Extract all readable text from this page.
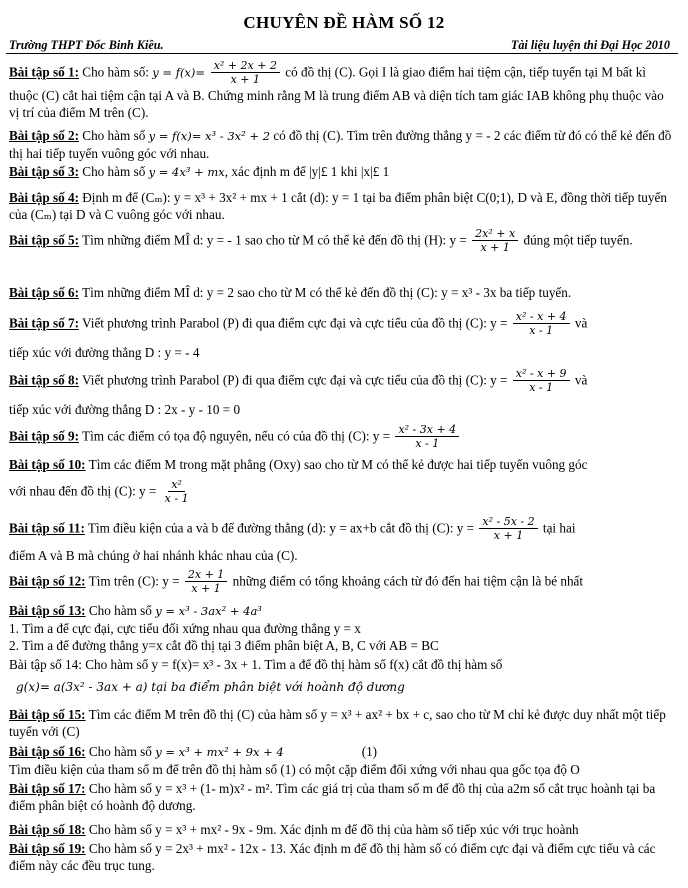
CHUYÊN ĐỀ HÀM SỐ 12
Trường THPT Đốc Binh Kiều.	Tài liệu luyện thi Đại Học 2010

Bài tập số 1: Cho hàm số: $y = f(x)= \frac{\text{x² + 2x + 2}}{x + 1}$ có đồ thị (C). Gọi I là giao điểm hai tiệm cận, tiếp tuyến tại M bất kì thuộc (C) cắt hai tiệm cận tại A và B. Chứng minh rằng M là trung điểm AB và diện tích tam giác IAB không phụ thuộc vào vị trí của điểm M trên (C).

Bài tập số 2: Cho hàm số y = f(x)= x³ - 3x² + 2 có đồ thị (C). Tìm trên đường thẳng y = - 2 các điểm từ đó có thể kẻ đến đồ thị hai tiếp tuyến vuông góc với nhau.

Bài tập số 3: Cho hàm số y = 4x³ + mx, xác định m để |y|£ 1 khi |x|£ 1

Bài tập số 4: Định m để (Cₘ): y = x³ + 3x² + mx + 1 cắt (d): y = 1 tại ba điểm phân biệt C(0;1), D và E, đồng thời tiếp tuyến của (Cₘ) tại D và C vuông góc với nhau.

Bài tập số 5: Tìm những điểm MÎ d: y = - 1 sao cho từ M có thể kẻ đến đồ thị (H): $y = \frac{\text{2x² + x}}{x + 1}$ đúng một tiếp tuyến.

Bài tập số 6: Tìm những điểm MÎ d: y = 2 sao cho từ M có thể kẻ đến đồ thị (C): y = x³ - 3x ba tiếp tuyến.

Bài tập số 7: Viết phương trình Parabol (P) đi qua điểm cực đại và cực tiểu của đồ thị (C): $y = \frac{\text{x² - x + 4}}{x - 1}$ và
tiếp xúc với đường thẳng D : y = - 4

Bài tập số 8: Viết phương trình Parabol (P) đi qua điểm cực đại và cực tiểu của đồ thị (C): $y = \frac{\text{x² - x + 9}}{x - 1}$ và
tiếp xúc với đường thẳng D : 2x - y - 10 = 0

Bài tập số 9: Tìm các điểm có tọa độ nguyên, nếu có của đồ thị (C): $y = \frac{\text{x² - 3x + 4}}{x - 1}$

Bài tập số 10: Tìm các điểm M trong mặt phẳng (Oxy) sao cho từ M có thể kẻ được hai tiếp tuyến vuông góc
với nhau đến đồ thị (C): $y = \frac{\text{x²}}{x - 1}$

Bài tập số 11: Tìm điều kiện của a và b để đường thẳng (d): y = ax+b cắt đồ thị (C): $y = \frac{\text{x² - 5x - 2}}{x + 1}$ tại hai
điểm A và B mà chúng ở hai nhánh khác nhau của (C).

Bài tập số 12: Tìm trên (C): $y = \frac{2x + 1}{x + 1}$ những điểm có tổng khoảng cách từ đó đến hai tiệm cận là bé nhất

Bài tập số 13: Cho hàm số y = x³ - 3ax² + 4a³
1. Tìm a để cực đại, cực tiểu đối xứng nhau qua đường thẳng y = x
2. Tìm a để đường thẳng y=x cắt đồ thị tại 3 điểm phân biệt A, B, C với AB = BC

Bài tập số 14: Cho hàm số y = f(x)= x³ - 3x + 1. Tìm a để đồ thị hàm số f(x) cắt đồ thị hàm số
g(x)= a(3x² - 3ax + a) tại ba điểm phân biệt với hoành độ dương

Bài tập số 15: Tìm các điểm M trên đồ thị (C) của hàm số y = x³ + ax² + bx + c, sao cho từ M chỉ kẻ được duy nhất một tiếp tuyến với (C)

Bài tập số 16: Cho hàm số y = x³ + mx² + 9x + 4	(1)
Tìm điều kiện của tham số m để trên đồ thị hàm số (1) có một cặp điểm đối xứng với nhau qua gốc tọa độ O

Bài tập số 17: Cho hàm số y = x³ + (1- m)x² - m². Tìm các giá trị của tham số m để đồ thị của a2m số cắt trục hoành tại ba điểm phân biệt có hoành độ dương.

Bài tập số 18: Cho hàm số y = x³ + mx² - 9x - 9m. Xác định m để đồ thị của hàm số tiếp xúc với trục hoành

Bài tập số 19: Cho hàm số y = 2x³ + mx² - 12x - 13. Xác định m để đồ thị hàm số có điểm cực đại và điểm cực tiểu và các điểm này các đều trục tung.
